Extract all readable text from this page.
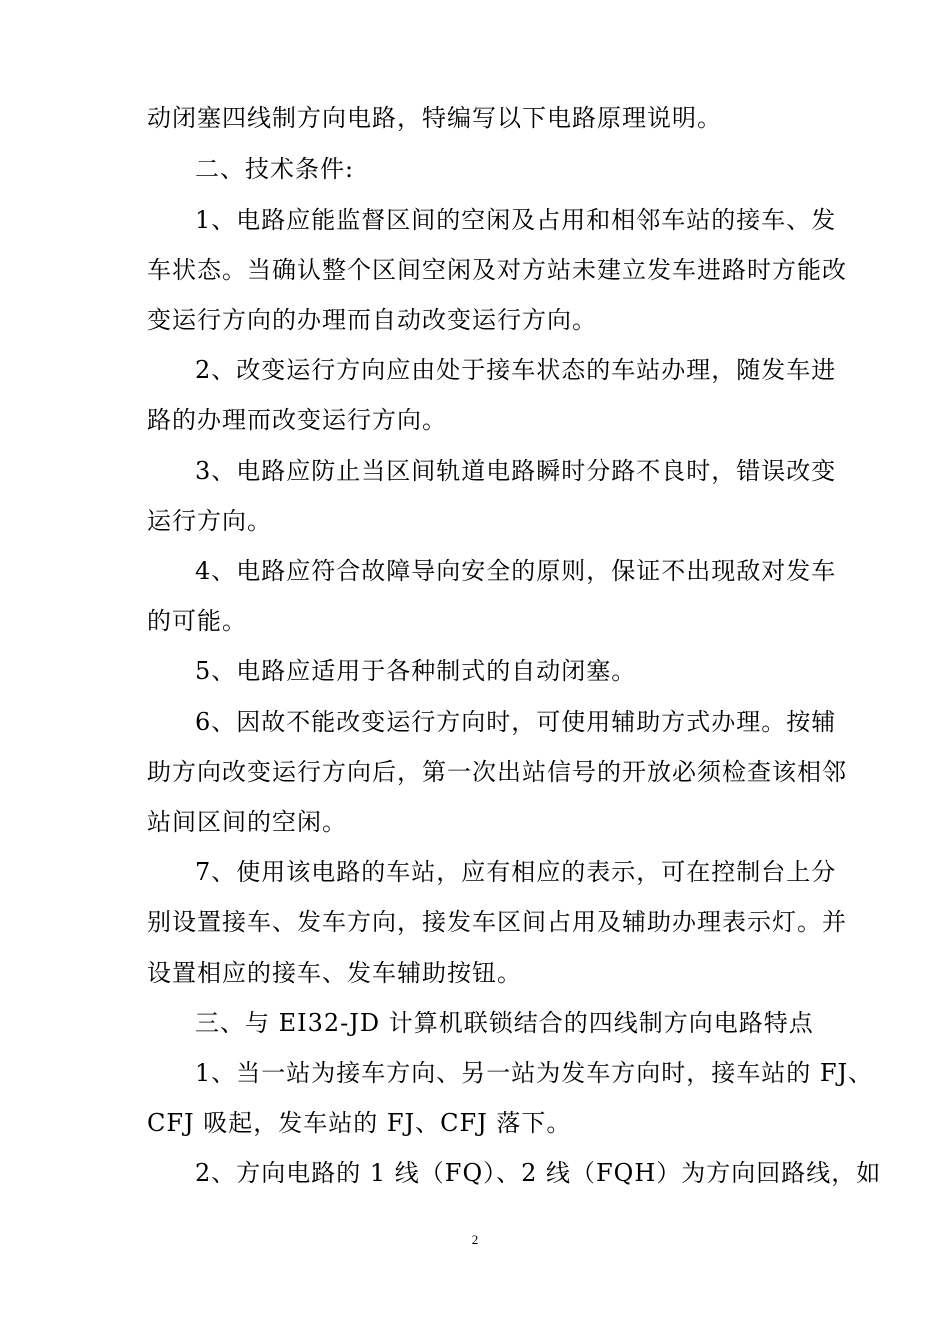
动闭塞四线制方向电路，特编写以下电路原理说明。
二、技术条件:
1、电路应能监督区间的空闲及占用和相邻车站的接车、发
车状态。当确认整个区间空闲及对方站未建立发车进路时方能改
变运行方向的办理而自动改变运行方向。
2、改变运行方向应由处于接车状态的车站办理，随发车进
路的办理而改变运行方向。
3、电路应防止当区间轨道电路瞬时分路不良时，错误改变
运行方向。
4、电路应符合故障导向安全的原则，保证不出现敌对发车
的可能。
5、电路应适用于各种制式的自动闭塞。
6、因故不能改变运行方向时，可使用辅助方式办理。按辅
助方向改变运行方向后，第一次出站信号的开放必须检查该相邻
站间区间的空闲。
7、使用该电路的车站，应有相应的表示，可在控制台上分
别设置接车、发车方向，接发车区间占用及辅助办理表示灯。并
设置相应的接车、发车辅助按钮。
三、与 EI32-JD 计算机联锁结合的四线制方向电路特点
1、当一站为接车方向、另一站为发车方向时，接车站的 FJ、
CFJ 吸起，发车站的 FJ、CFJ 落下。
2、方向电路的 1 线（FQ）、2 线（FQH）为方向回路线，如
2
